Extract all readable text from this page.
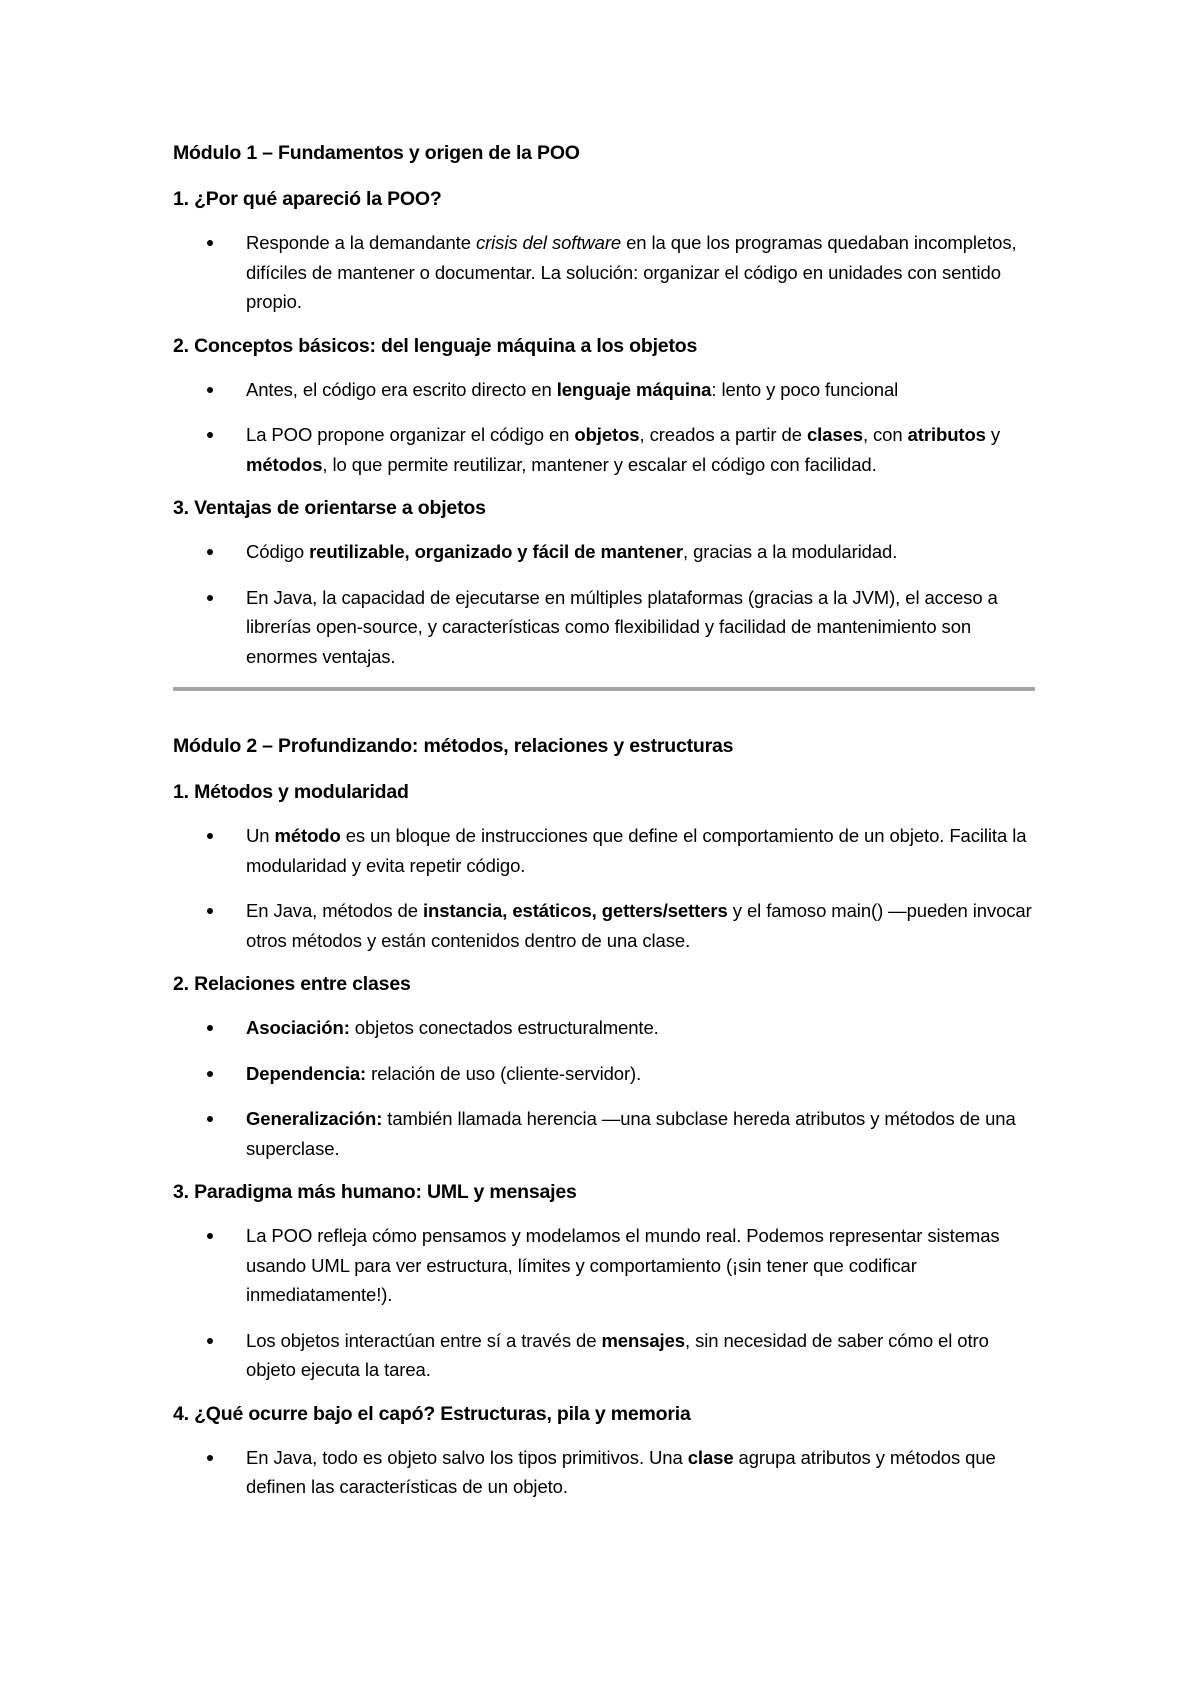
Módulo 1 – Fundamentos y origen de la POO
1. ¿Por qué apareció la POO?
Responde a la demandante crisis del software en la que los programas quedaban incompletos, difíciles de mantener o documentar. La solución: organizar el código en unidades con sentido propio.
2. Conceptos básicos: del lenguaje máquina a los objetos
Antes, el código era escrito directo en lenguaje máquina: lento y poco funcional
La POO propone organizar el código en objetos, creados a partir de clases, con atributos y métodos, lo que permite reutilizar, mantener y escalar el código con facilidad.
3. Ventajas de orientarse a objetos
Código reutilizable, organizado y fácil de mantener, gracias a la modularidad.
En Java, la capacidad de ejecutarse en múltiples plataformas (gracias a la JVM), el acceso a librerías open-source, y características como flexibilidad y facilidad de mantenimiento son enormes ventajas.
Módulo 2 – Profundizando: métodos, relaciones y estructuras
1. Métodos y modularidad
Un método es un bloque de instrucciones que define el comportamiento de un objeto. Facilita la modularidad y evita repetir código.
En Java, métodos de instancia, estáticos, getters/setters y el famoso main() —pueden invocar otros métodos y están contenidos dentro de una clase.
2. Relaciones entre clases
Asociación: objetos conectados estructuralmente.
Dependencia: relación de uso (cliente-servidor).
Generalización: también llamada herencia —una subclase hereda atributos y métodos de una superclase.
3. Paradigma más humano: UML y mensajes
La POO refleja cómo pensamos y modelamos el mundo real. Podemos representar sistemas usando UML para ver estructura, límites y comportamiento (¡sin tener que codificar inmediatamente!).
Los objetos interactúan entre sí a través de mensajes, sin necesidad de saber cómo el otro objeto ejecuta la tarea.
4. ¿Qué ocurre bajo el capó? Estructuras, pila y memoria
En Java, todo es objeto salvo los tipos primitivos. Una clase agrupa atributos y métodos que definen las características de un objeto.
